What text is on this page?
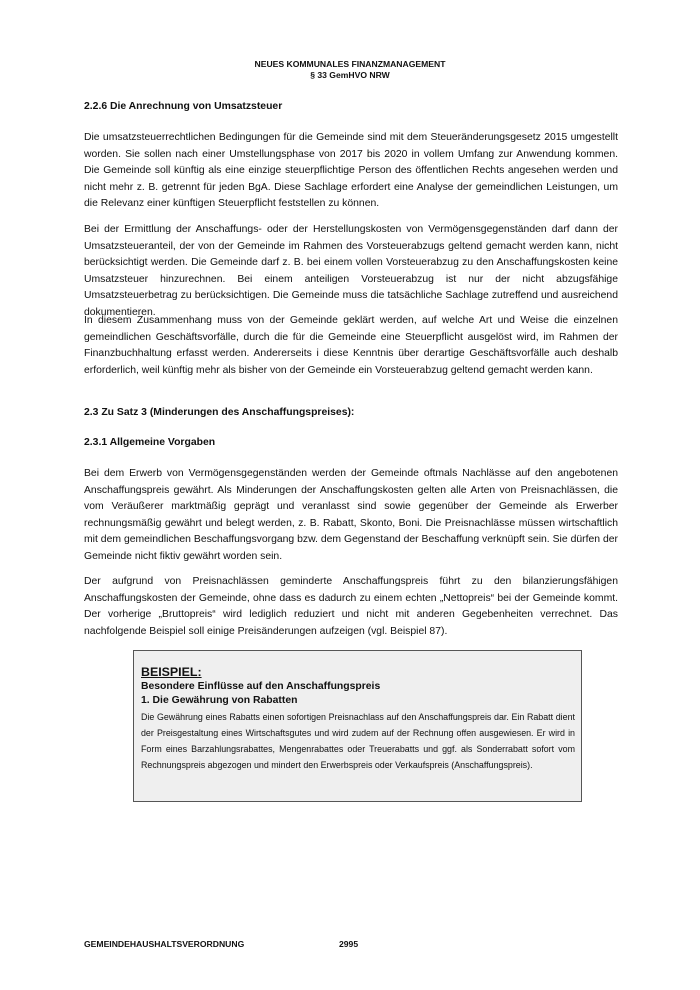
NEUES KOMMUNALES FINANZMANAGEMENT
§ 33 GemHVO NRW
2.2.6 Die Anrechnung von Umsatzsteuer

Die umsatzsteuerrechtlichen Bedingungen für die Gemeinde sind mit dem Steueränderungsgesetz 2015 umgestellt worden. Sie sollen nach einer Umstellungsphase von 2017 bis 2020 in vollem Umfang zur Anwendung kommen. Die Gemeinde soll künftig als eine einzige steuerpflichtige Person des öffentlichen Rechts angesehen werden und nicht mehr z. B. getrennt für jeden BgA. Diese Sachlage erfordert eine Analyse der gemeindlichen Leistungen, um die Relevanz einer künftigen Steuerpflicht feststellen zu können.

Bei der Ermittlung der Anschaffungs- oder der Herstellungskosten von Vermögensgegenständen darf dann der Umsatzsteueranteil, der von der Gemeinde im Rahmen des Vorsteuerabzugs geltend gemacht werden kann, nicht berücksichtigt werden. Die Gemeinde darf z. B. bei einem vollen Vorsteuerabzug zu den Anschaffungskosten keine Umsatzsteuer hinzurechnen. Bei einem anteiligen Vorsteuerabzug ist nur der nicht abzugsfähige Umsatzsteuerbetrag zu berücksichtigen. Die Gemeinde muss die tatsächliche Sachlage zutreffend und ausreichend dokumentieren.

In diesem Zusammenhang muss von der Gemeinde geklärt werden, auf welche Art und Weise die einzelnen gemeindlichen Geschäftsvorfälle, durch die für die Gemeinde eine Steuerpflicht ausgelöst wird, im Rahmen der Finanzbuchhaltung erfasst werden. Andererseits i diese Kenntnis über derartige Geschäftsvorfälle auch deshalb erforderlich, weil künftig mehr als bisher von der Gemeinde ein Vorsteuerabzug geltend gemacht werden kann.

2.3 Zu Satz 3 (Minderungen des Anschaffungspreises):
2.3.1 Allgemeine Vorgaben

Bei dem Erwerb von Vermögensgegenständen werden der Gemeinde oftmals Nachlässe auf den angebotenen Anschaffungspreis gewährt. Als Minderungen der Anschaffungskosten gelten alle Arten von Preisnachlässen, die vom Veräußerer marktmäßig geprägt und veranlasst sind sowie gegenüber der Gemeinde als Erwerber rechnungsmäßig gewährt und belegt werden, z. B. Rabatt, Skonto, Boni. Die Preisnachlässe müssen wirtschaftlich mit dem gemeindlichen Beschaffungsvorgang bzw. dem Gegenstand der Beschaffung verknüpft sein. Sie dürfen der Gemeinde nicht fiktiv gewährt worden sein.

Der aufgrund von Preisnachlässen geminderte Anschaffungspreis führt zu den bilanzierungsfähigen Anschaffungskosten der Gemeinde, ohne dass es dadurch zu einem echten „Nettopreis“ bei der Gemeinde kommt. Der vorherige „Bruttopreis“ wird lediglich reduziert und nicht mit anderen Gegebenheiten verrechnet. Das nachfolgende Beispiel soll einige Preisänderungen aufzeigen (vgl. Beispiel 87).

BEISPIEL:
Besondere Einflüsse auf den Anschaffungspreis
1. Die Gewährung von Rabatten

Die Gewährung eines Rabatts einen sofortigen Preisnachlass auf den Anschaffungspreis dar. Ein Rabatt dient der Preisgestaltung eines Wirtschaftsgutes und wird zudem auf der Rechnung offen ausgewiesen. Er wird in Form eines Barzahlungsrabattes, Mengenrabattes oder Treuerabatts und ggf. als Sonderrabatt sofort vom Rechnungspreis abgezogen und mindert den Erwerbspreis oder Verkaufspreis (Anschaffungspreis).

GEMEINDEHAUSHALTSVERORDNUNG	2995
